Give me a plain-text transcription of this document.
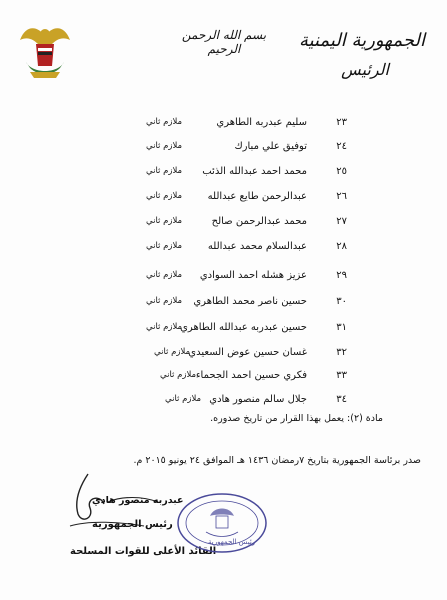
بسم الله الرحمن الرحيم	الجمهورية اليمنية
الرئيس
٢٣
سليم عبدربه الطاهري
ملازم ثاني
٢٤
توفيق علي مبارك
ملازم ثاني
٢٥
محمد احمد عبدالله الذئب
ملازم ثاني
٢٦
عبدالرحمن طايع عبدالله
ملازم ثاني
٢٧
محمد عبدالرحمن صالح
ملازم ثاني
٢٨
عبدالسلام محمد عبدالله
ملازم ثاني
٢٩
عزيز هشله احمد السوادي
ملازم ثاني
٣٠
حسين ناصر محمد الطاهري
ملازم ثاني
٣١
حسين عبدربه عبدالله الطاهري
ملازم ثاني
٣٢
غسان حسين عوض السعيدي
ملازم ثاني
٣٣
فكري حسين احمد الجحماء
ملازم ثاني
٣٤
جلال سالم منصور هادي
ملازم ثاني
مادة (٢): يعمل بهذا القرار من تاريخ صدوره.
صدر برئاسة الجمهورية بتاريخ ٧رمضان ١٤٣٦ هـ الموافق ٢٤ يونيو ٢٠١٥ م.
عبدربه منصور هادي
رئيس الجمهورية
القائد الأعلى للقوات المسلحة
رئيس الجمهورية
